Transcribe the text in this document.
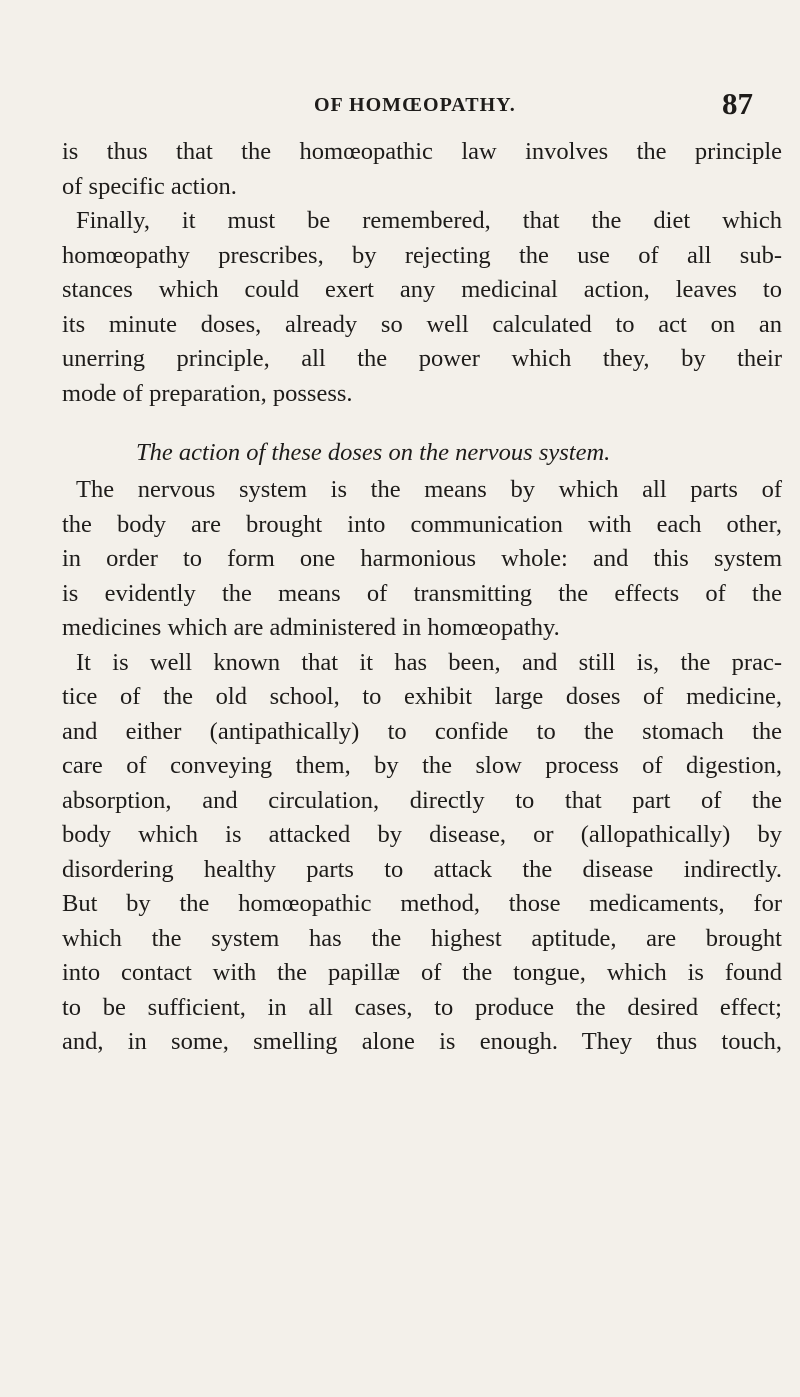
OF HOMŒOPATHY.	87
is thus that the homœopathic law involves the principle
of specific action.
Finally, it must be remembered, that the diet which
homœopathy prescribes, by rejecting the use of all sub-
stances which could exert any medicinal action, leaves to
its minute doses, already so well calculated to act on an
unerring principle, all the power which they, by their
mode of preparation, possess.
The action of these doses on the nervous system.
The nervous system is the means by which all parts of
the body are brought into communication with each other,
in order to form one harmonious whole: and this system
is evidently the means of transmitting the effects of the
medicines which are administered in homœopathy.
It is well known that it has been, and still is, the prac-
tice of the old school, to exhibit large doses of medicine,
and either (antipathically) to confide to the stomach the
care of conveying them, by the slow process of digestion,
absorption, and circulation, directly to that part of the
body which is attacked by disease, or (allopathically) by
disordering healthy parts to attack the disease indirectly.
But by the homœopathic method, those medicaments, for
which the system has the highest aptitude, are brought
into contact with the papillæ of the tongue, which is found
to be sufficient, in all cases, to produce the desired effect;
and, in some, smelling alone is enough. They thus touch,
